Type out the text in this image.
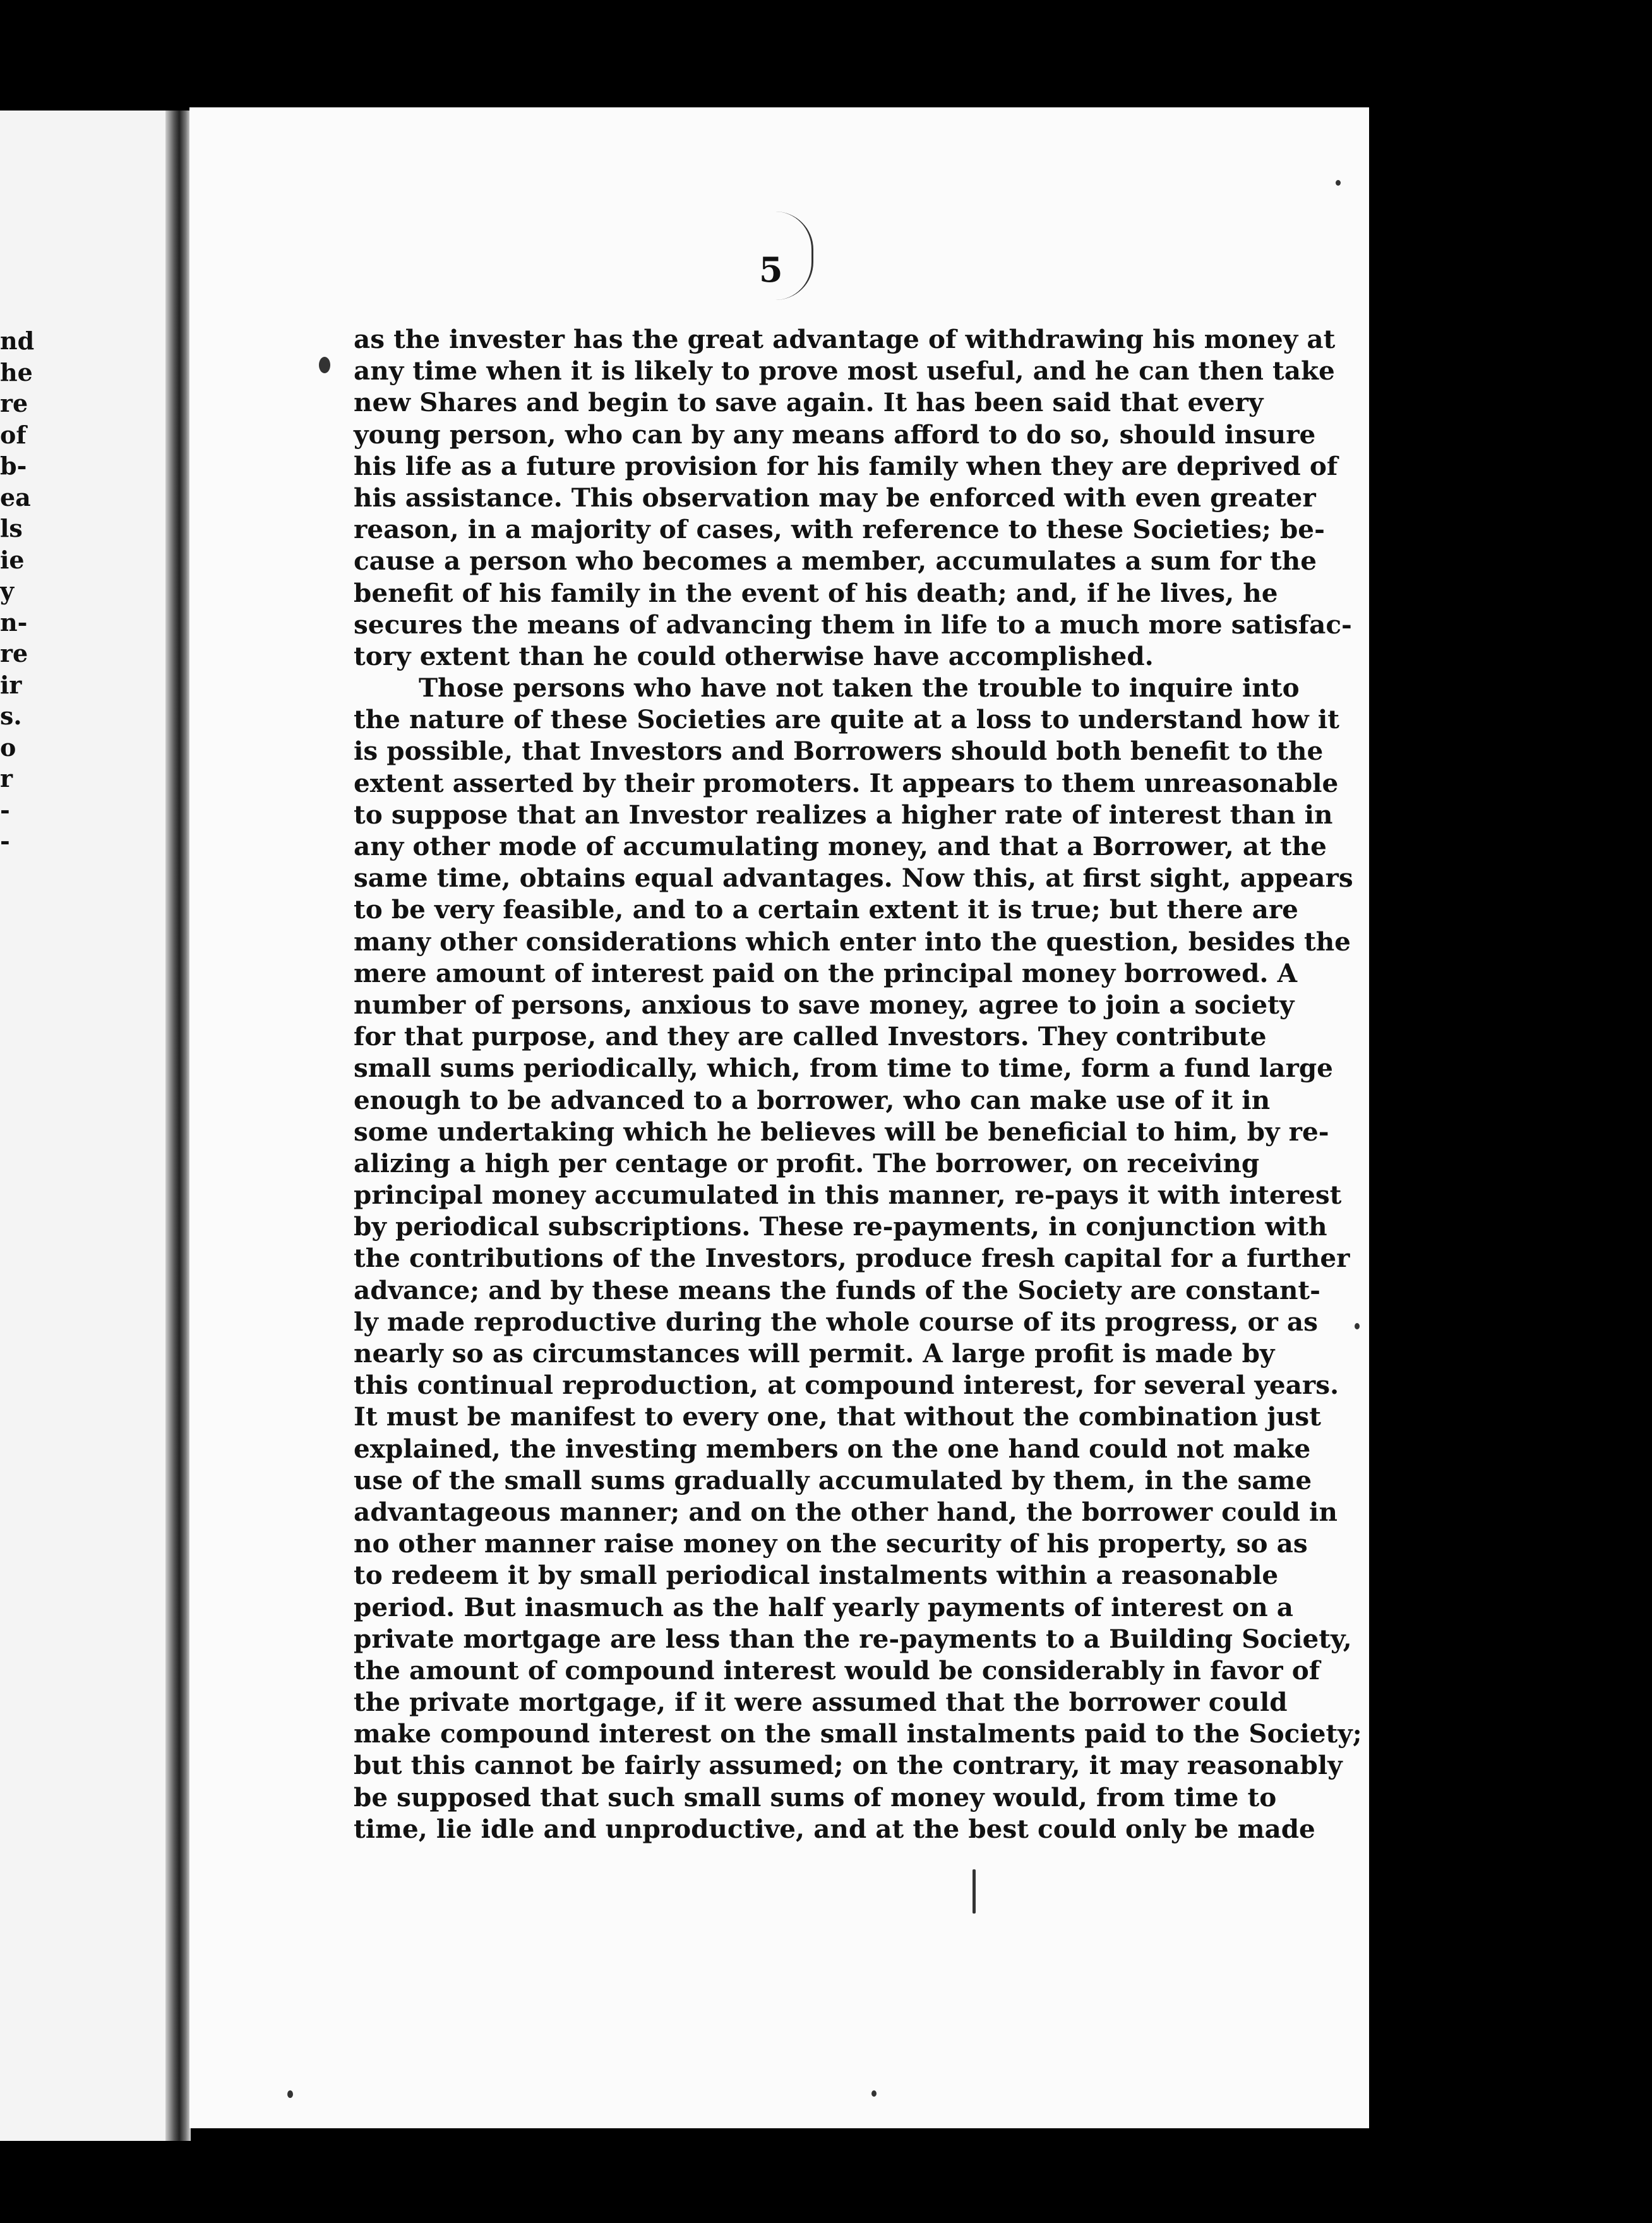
nd
he
re
of
b-
ea
ls
ie
y
n-
re
ir
s.
o
r
-
-
5
as the invester has the great advantage of withdrawing his money at
any time when it is likely to prove most useful, and he can then take
new Shares and begin to save again. It has been said that every
young person, who can by any means afford to do so, should insure
his life as a future provision for his family when they are deprived of
his assistance. This observation may be enforced with even greater
reason, in a majority of cases, with reference to these Societies; be-
cause a person who becomes a member, accumulates a sum for the
benefit of his family in the event of his death; and, if he lives, he
secures the means of advancing them in life to a much more satisfac-
tory extent than he could otherwise have accomplished.
Those persons who have not taken the trouble to inquire into
the nature of these Societies are quite at a loss to understand how it
is possible, that Investors and Borrowers should both benefit to the
extent asserted by their promoters. It appears to them unreasonable
to suppose that an Investor realizes a higher rate of interest than in
any other mode of accumulating money, and that a Borrower, at the
same time, obtains equal advantages. Now this, at first sight, appears
to be very feasible, and to a certain extent it is true; but there are
many other considerations which enter into the question, besides the
mere amount of interest paid on the principal money borrowed. A
number of persons, anxious to save money, agree to join a society
for that purpose, and they are called Investors. They contribute
small sums periodically, which, from time to time, form a fund large
enough to be advanced to a borrower, who can make use of it in
some undertaking which he believes will be beneficial to him, by re-
alizing a high per centage or profit. The borrower, on receiving
principal money accumulated in this manner, re-pays it with interest
by periodical subscriptions. These re-payments, in conjunction with
the contributions of the Investors, produce fresh capital for a further
advance; and by these means the funds of the Society are constant-
ly made reproductive during the whole course of its progress, or as
nearly so as circumstances will permit. A large profit is made by
this continual reproduction, at compound interest, for several years.
It must be manifest to every one, that without the combination just
explained, the investing members on the one hand could not make
use of the small sums gradually accumulated by them, in the same
advantageous manner; and on the other hand, the borrower could in
no other manner raise money on the security of his property, so as
to redeem it by small periodical instalments within a reasonable
period. But inasmuch as the half yearly payments of interest on a
private mortgage are less than the re-payments to a Building Society,
the amount of compound interest would be considerably in favor of
the private mortgage, if it were assumed that the borrower could
make compound interest on the small instalments paid to the Society;
but this cannot be fairly assumed; on the contrary, it may reasonably
be supposed that such small sums of money would, from time to
time, lie idle and unproductive, and at the best could only be made
